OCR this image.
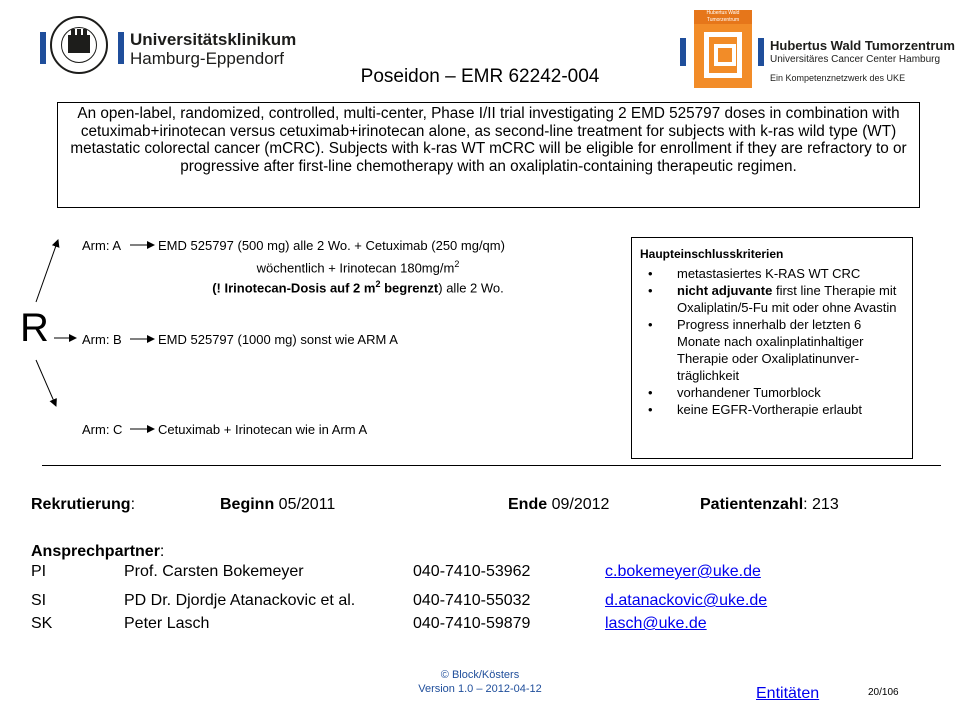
Universitätsklinikum
Hamburg-Eppendorf
Hubertus Wald Tumorzentrum
Hubertus Wald Tumorzentrum
Universitäres Cancer Center Hamburg
Ein Kompetenznetzwerk des UKE
Poseidon – EMR 62242-004
An open-label, randomized, controlled, multi-center, Phase I/II trial investigating 2 EMD 525797 doses in combination with cetuximab+irinotecan versus cetuximab+irinotecan alone, as second-line treatment for subjects with k-ras wild type (WT) metastatic colorectal cancer (mCRC). Subjects with k-ras WT mCRC will be eligible for enrollment if they are refractory to or progressive after first-line chemotherapy with an oxaliplatin-containing therapeutic regimen.
R
Arm: A	EMD 525797 (500 mg) alle 2 Wo. + Cetuximab (250 mg/qm)
wöchentlich + Irinotecan $180mg/m^2$
(! Irinotecan-Dosis auf 2 $m^2$ begrenzt) alle 2 Wo.
Arm: B	EMD 525797 (1000 mg) sonst wie ARM A
Arm: C	Cetuximab + Irinotecan wie in Arm A
Haupteinschlusskriterien
• metastasiertes K-RAS WT CRC
• nicht adjuvante first line Therapie mit Oxaliplatin/5-Fu mit oder ohne Avastin
• Progress innerhalb der letzten 6 Monate nach oxalinplatinhaltiger Therapie oder Oxaliplatinunver-träglichkeit
• vorhandener Tumorblock
• keine EGFR-Vortherapie erlaubt
Rekrutierung:	Beginn 05/2011	Ende 09/2012	Patientenzahl: 213
Ansprechpartner:
PI	Prof. Carsten Bokemeyer	040-7410-53962	c.bokemeyer@uke.de
SI	PD Dr. Djordje Atanackovic et al.	040-7410-55032	d.atanackovic@uke.de
SK	Peter Lasch	040-7410-59879	lasch@uke.de
© Block/Kösters
Version 1.0 – 2012-04-12	Entitäten	20/106
